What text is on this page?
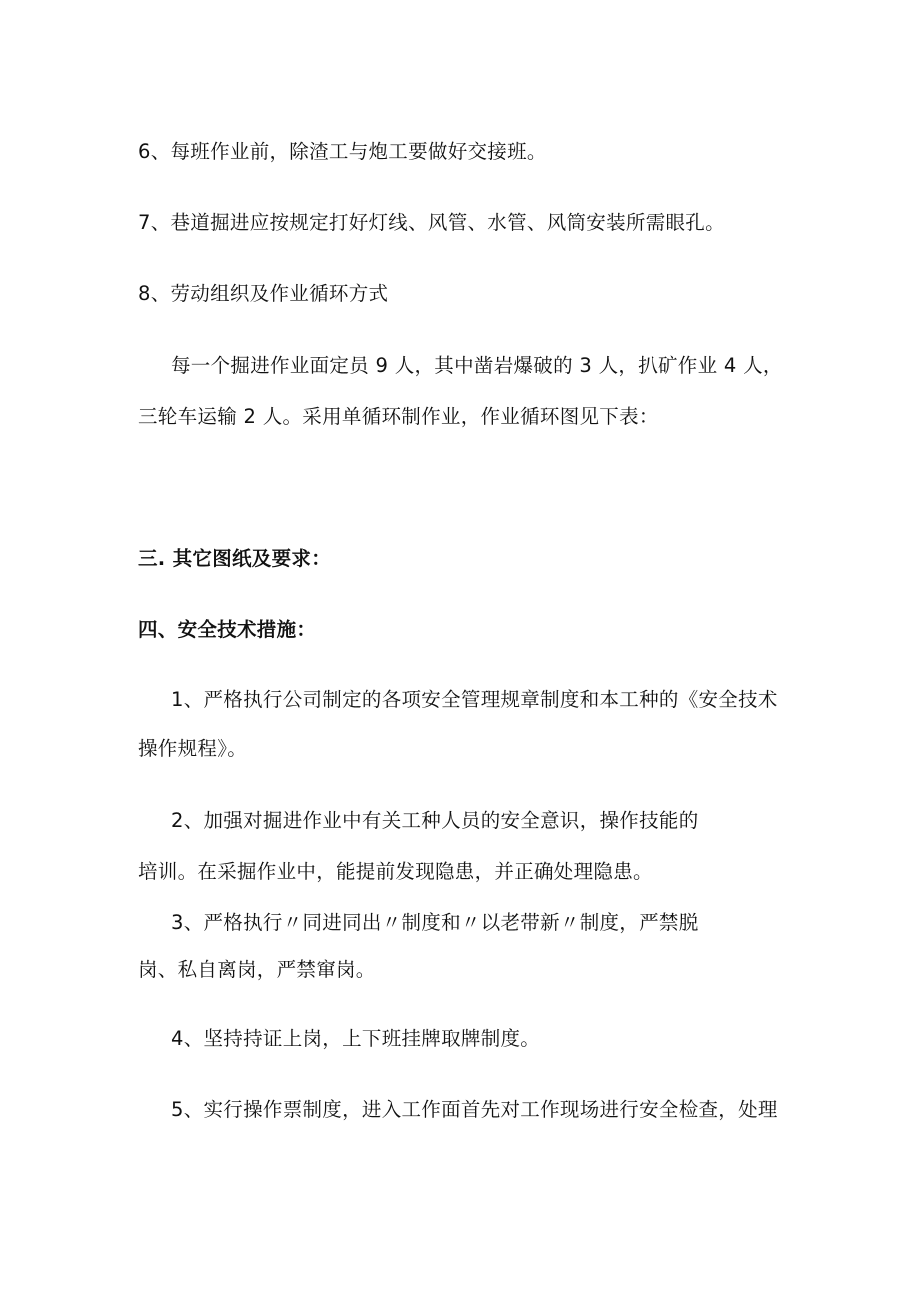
6、每班作业前，除渣工与炮工要做好交接班。
7、巷道掘进应按规定打好灯线、风管、水管、风筒安装所需眼孔。
8、劳动组织及作业循环方式
每一个掘进作业面定员 9 人，其中凿岩爆破的 3 人，扒矿作业 4 人，
三轮车运输 2 人。采用单循环制作业，作业循环图见下表：
三. 其它图纸及要求：
四、安全技术措施：
1、严格执行公司制定的各项安全管理规章制度和本工种的《安全技术
操作规程》。
2、加强对掘进作业中有关工种人员的安全意识，操作技能的
培训。在采掘作业中，能提前发现隐患，并正确处理隐患。
3、严格执行〃同进同出〃制度和〃以老带新〃制度，严禁脱
岗、私自离岗，严禁窜岗。
4、坚持持证上岗，上下班挂牌取牌制度。
5、实行操作票制度，进入工作面首先对工作现场进行安全检查，处理
